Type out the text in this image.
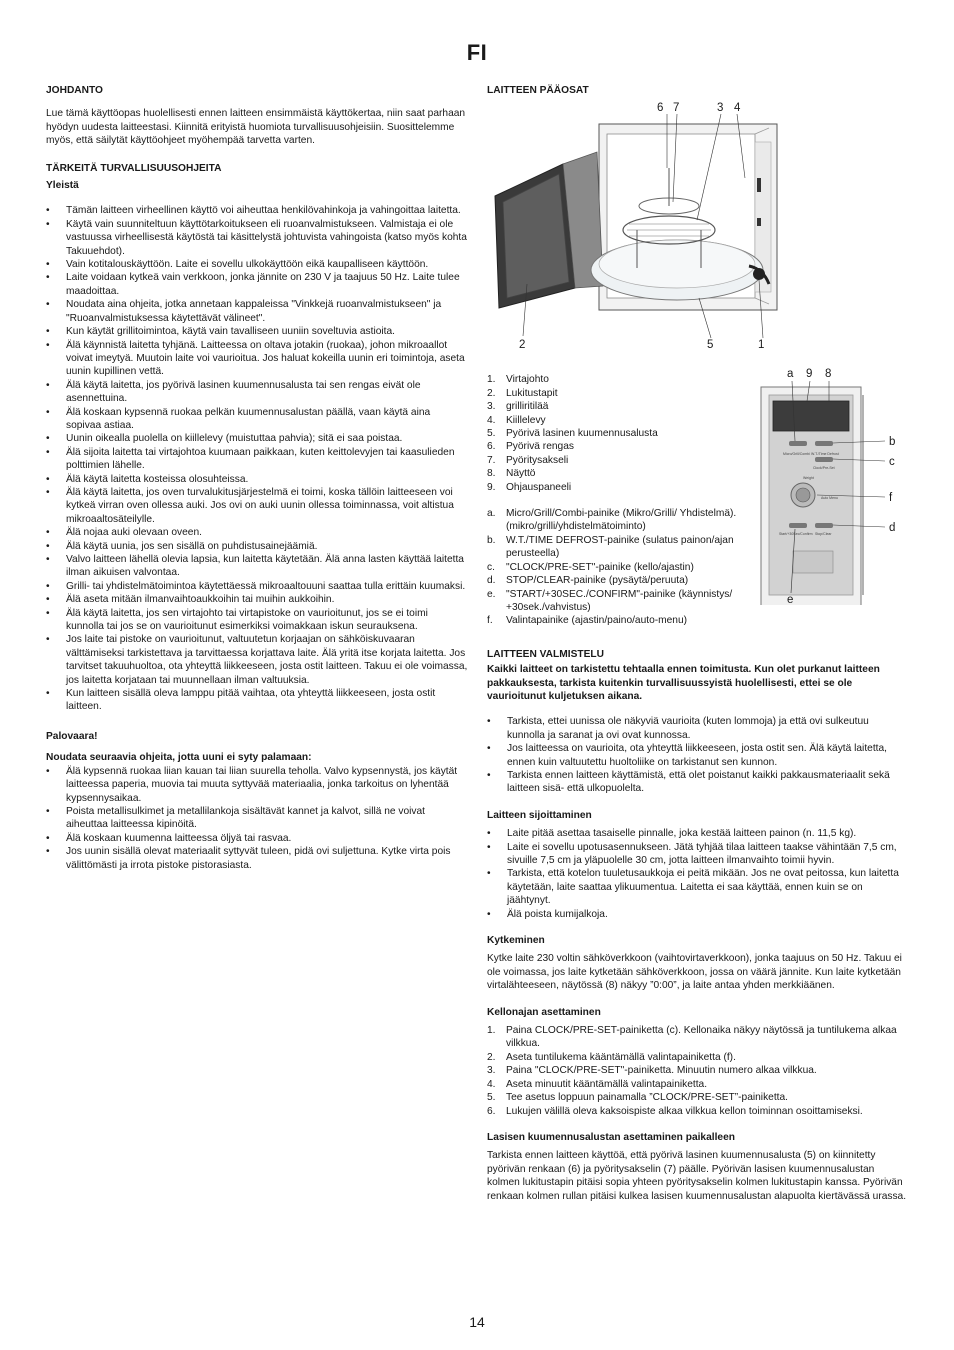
FI
JOHDANTO

Lue tämä käyttöopas huolellisesti ennen laitteen ensimmäistä käyttökertaa, niin saat parhaan hyödyn uudesta laitteestasi. Kiinnitä erityistä huomiota turvallisuusohjeisiin. Suosittelemme myös, että säilytät käyttöohjeet myöhempää tarvetta varten.

TÄRKEITÄ TURVALLISUUSOHJEITA
Yleistä
• Tämän laitteen virheellinen käyttö voi aiheuttaa henkilövahinkoja ja vahingoittaa laitetta.
• Käytä vain suunniteltuun käyttötarkoitukseen eli ruoanvalmistukseen. Valmistaja ei ole vastuussa virheellisestä käytöstä tai käsittelystä johtuvista vahingoista (katso myös kohta Takuuehdot).
• Vain kotitalouskäyttöön. Laite ei sovellu ulkokäyttöön eikä kaupalliseen käyttöön.
• Laite voidaan kytkeä vain verkkoon, jonka jännite on 230 V ja taajuus 50 Hz. Laite tulee maadoittaa.
• Noudata aina ohjeita, jotka annetaan kappaleissa "Vinkkejä ruoanvalmistukseen" ja "Ruoanvalmistuksessa käytettävät välineet".
• Kun käytät grillitoimintoa, käytä vain tavalliseen uuniin soveltuvia astioita.
• Älä käynnistä laitetta tyhjänä. Laitteessa on oltava jotakin (ruokaa), johon mikroaallot voivat imeytyä. Muutoin laite voi vaurioitua. Jos haluat kokeilla uunin eri toimintoja, aseta uunin kupillinen vettä.
• Älä käytä laitetta, jos pyörivä lasinen kuumennusalusta tai sen rengas eivät ole asennettuina.
• Älä koskaan kypsennä ruokaa pelkän kuumennusalustan päällä, vaan käytä aina sopivaa astiaa.
• Uunin oikealla puolella on kiillelevy (muistuttaa pahvia); sitä ei saa poistaa.
• Älä sijoita laitetta tai virtajohtoa kuumaan paikkaan, kuten keittolevyjen tai kaasulieden polttimien lähelle.
• Älä käytä laitetta kosteissa olosuhteissa.
• Älä käytä laitetta, jos oven turvalukitusjärjestelmä ei toimi, koska tällöin laitteeseen voi kytkeä virran oven ollessa auki. Jos ovi on auki uunin ollessa toiminnassa, voit altistua mikroaaltosäteilylle.
• Älä nojaa auki olevaan oveen.
• Älä käytä uunia, jos sen sisällä on puhdistusainejäämiä.
• Valvo laitteen lähellä olevia lapsia, kun laitetta käytetään. Älä anna lasten käyttää laitetta ilman aikuisen valvontaa.
• Grilli- tai yhdistelmätoimintoa käytettäessä mikroaaltouuni saattaa tulla erittäin kuumaksi.
• Älä aseta mitään ilmanvaihtoaukkoihin tai muihin aukkoihin.
• Älä käytä laitetta, jos sen virtajohto tai virtapistoke on vaurioitunut, jos se ei toimi kunnolla tai jos se on vaurioitunut esimerkiksi voimakkaan iskun seurauksena.
• Jos laite tai pistoke on vaurioitunut, valtuutetun korjaajan on sähköiskuvaaran välttämiseksi tarkistettava ja tarvittaessa korjattava laite. Älä yritä itse korjata laitetta. Jos tarvitset takuuhuoltoa, ota yhteyttä liikkeeseen, josta ostit laitteen. Takuu ei ole voimassa, jos laitetta korjataan tai muunnellaan ilman valtuuksia.
• Kun laitteen sisällä oleva lamppu pitää vaihtaa, ota yhteyttä liikkeeseen, josta ostit laitteen.
Palovaara!
Noudata seuraavia ohjeita, jotta uuni ei syty palamaan:
• Älä kypsennä ruokaa liian kauan tai liian suurella teholla. Valvo kypsennystä, jos käytät laitteessa paperia, muovia tai muuta syttyvää materiaalia, jonka tarkoitus on lyhentää kypsennysaikaa.
• Poista metallisulkimet ja metallilankoja sisältävät kannet ja kalvot, sillä ne voivat aiheuttaa laitteessa kipinöitä.
• Älä koskaan kuumenna laitteessa öljyä tai rasvaa.
• Jos uunin sisällä olevat materiaalit syttyvät tuleen, pidä ovi suljettuna. Kytke virta pois välittömästi ja irrota pistoke pistorasiasta.
LAITTEEN PÄÄOSAT
6 7	3 4
2	5	1
Micro/Grill/Combi W.T./Time Defrost
Clock/Pre-Set
Weight
Auto Menu
Start/+30Sec/Confirm Stop/Clear
a 9 8
b
c
f
d
e
1. Virtajohto
2. Lukitustapit
3. grilliritilää
4. Kiillelevy
5. Pyörivä lasinen kuumennusalusta
6. Pyörivä rengas
7. Pyöritysakseli
8. Näyttö
9. Ohjauspaneeli
a. Micro/Grill/Combi-painike (Mikro/Grilli/ Yhdistelmä). (mikro/grilli/yhdistelmätoiminto)
b. W.T./TIME DEFROST-painike (sulatus painon/ajan perusteella)
c. "CLOCK/PRE-SET"-painike (kello/ajastin)
d. STOP/CLEAR-painike (pysäytä/peruuta)
e. "START/+30SEC./CONFIRM"-painike (käynnistys/ +30sek./vahvistus)
f. Valintapainike (ajastin/paino/auto-menu)
LAITTEEN VALMISTELU

Kaikki laitteet on tarkistettu tehtaalla ennen toimitusta. Kun olet purkanut laitteen pakkauksesta, tarkista kuitenkin turvallisuussyistä huolellisesti, ettei se ole vaurioitunut kuljetuksen aikana.

• Tarkista, ettei uunissa ole näkyviä vaurioita (kuten lommoja) ja että ovi sulkeutuu kunnolla ja saranat ja ovi ovat kunnossa.
• Jos laitteessa on vaurioita, ota yhteyttä liikkeeseen, josta ostit sen. Älä käytä laitetta, ennen kuin valtuutettu huoltoliike on tarkistanut sen kunnon.
• Tarkista ennen laitteen käyttämistä, että olet poistanut kaikki pakkausmateriaalit sekä laitteen sisä- että ulkopuolelta.
Laitteen sijoittaminen
• Laite pitää asettaa tasaiselle pinnalle, joka kestää laitteen painon (n. 11,5 kg).
• Laite ei sovellu upotusasennukseen. Jätä tyhjää tilaa laitteen taakse vähintään 7,5 cm, sivuille 7,5 cm ja yläpuolelle 30 cm, jotta laitteen ilmanvaihto toimii hyvin.
• Tarkista, että kotelon tuuletusaukkoja ei peitä mikään. Jos ne ovat peitossa, kun laitetta käytetään, laite saattaa ylikuumentua. Laitetta ei saa käyttää, ennen kuin se on jäähtynyt.
• Älä poista kumijalkoja.
Kytkeminen

Kytke laite 230 voltin sähköverkkoon (vaihtovirtaverkkoon), jonka taajuus on 50 Hz. Takuu ei ole voimassa, jos laite kytketään sähköverkkoon, jossa on väärä jännite. Kun laite kytketään virtalähteeseen, näytössä (8) näkyy ”0:00”, ja laite antaa yhden merkkiäänen.

Kellonajan asettaminen
1. Paina CLOCK/PRE-SET-painiketta (c). Kellonaika näkyy näytössä ja tuntilukema alkaa vilkkua.
2. Aseta tuntilukema kääntämällä valintapainiketta (f).
3. Paina "CLOCK/PRE-SET"-painiketta. Minuutin numero alkaa vilkkua.
4. Aseta minuutit kääntämällä valintapainiketta.
5. Tee asetus loppuun painamalla ”CLOCK/PRE-SET”-painiketta.
6. Lukujen välillä oleva kaksoispiste alkaa vilkkua kellon toiminnan osoittamiseksi.
Lasisen kuumennusalustan asettaminen paikalleen

Tarkista ennen laitteen käyttöä, että pyörivä lasinen kuumennusalusta (5) on kiinnitetty pyörivän renkaan (6) ja pyöritysakselin (7) päälle. Pyörivän lasisen kuumennusalustan kolmen lukitustapin pitäisi sopia yhteen pyöritysakselin kolmen lukitustapin kanssa. Pyörivän renkaan kolmen rullan pitäisi kulkea lasisen kuumennusalustan alapuolta kiertävässä urassa.

14
